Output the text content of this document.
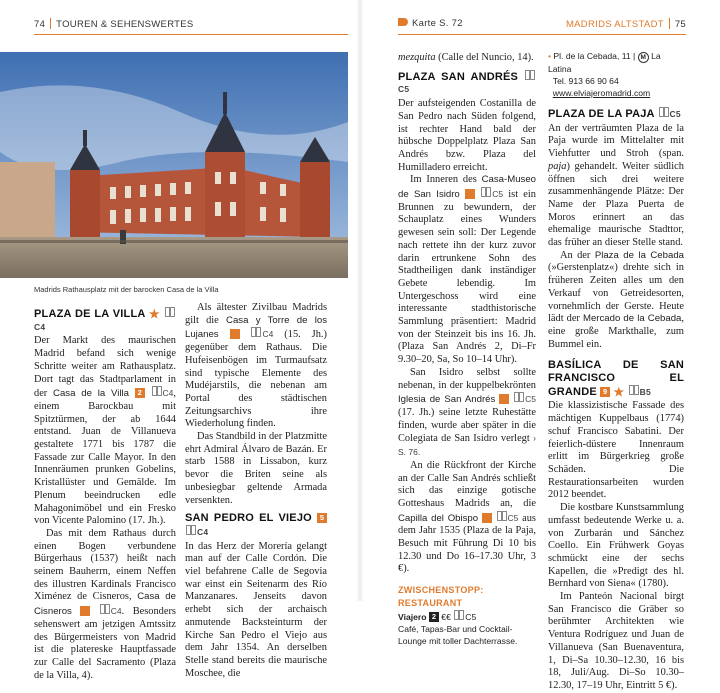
74 TOUREN & SEHENSWERTES
Madrids Rathausplatz mit der barocken Casa de la Villa
PLAZA DE LA VILLA ★ C4

Der Markt des maurischen Madrid befand sich wenige Schritte weiter am Rathausplatz. Dort tagt das Stadtparlament in der Casa de la Villa 2 C4, einem Barockbau mit Spitztürmen, der ab 1644 entstand. Juan de Villanueva gestaltete 1771 bis 1787 die Fassade zur Calle Mayor. In den Innenräumen prunken Gobelins, Kristallüster und Gemälde. Im Plenum beeindrucken edle Mahagonimöbel und ein Fresko von Vicente Palomino (17. Jh.).

Das mit dem Rathaus durch einen Bogen verbundene Bürgerhaus (1537) heißt nach seinem Bauherrn, einem Neffen des illustren Kardinals Francisco Ximénez de Cisneros, Casa de Cisneros	3 C4. Besonders sehenswert am jetzigen Amtssitz des Bürgermeisters von Madrid ist die platereske Hauptfassade zur Calle del Sacramento (Plaza de la Villa, 4).

Als ältester Zivilbau Madrids gilt die Casa y Torre de los Lujanes	4 C4 (15. Jh.) gegenüber dem Rathaus. Die Hufeisenbögen im Turmaufsatz sind typische Elemente des Mudéjarstils, die nebenan am Portal des städtischen Zeitungsarchivs ihre Wiederholung finden.

Das Standbild in der Platzmitte ehrt Admiral Álvaro de Bazán. Er starb 1588 in Lissabon, kurz bevor die Briten seine als unbesiegbar geltende Armada versenkten.

SAN PEDRO EL VIEJO 5 C4

In das Herz der Morería gelangt man auf der Calle Cordón. Die viel befahrene Calle de Segovia war einst ein Seitenarm des Río Manzanares. Jenseits davon erhebt sich der archaisch anmutende Backsteinturm der Kirche San Pedro el Viejo aus dem Jahr 1354. An derselben Stelle stand bereits die maurische Moschee, die

Karte S. 72	MADRIDS ALTSTADT 75

mezquita (Calle del Nuncio, 14).

PLAZA SAN ANDRÉS C5

Der aufsteigenden Costanilla de San Pedro nach Süden folgend, ist rechter Hand bald der hübsche Doppelplatz Plaza San Andrés bzw. Plaza del Humilladero erreicht.

Im Inneren des Casa-Museo de San Isidro 6 C5 ist ein Brunnen zu bewundern, der Schauplatz eines Wunders gewesen sein soll: Der Legende nach rettete ihn der kurz zuvor darin ertrunkene Sohn des Stadtheiligen dank inständiger Gebete lebendig. Im Untergeschoss wird eine interessante stadthistorische Sammlung präsentiert: Madrid von der Steinzeit bis ins 16. Jh. (Plaza San Andrés 2, Di–Fr 9.30–20, Sa, So 10–14 Uhr).

San Isidro selbst sollte nebenan, in der kuppelbekrönten Iglesia de San Andrés 7 C5 (17. Jh.) seine letzte Ruhestätte finden, wurde aber später in die Colegiata de San Isidro verlegt › S. 76.

An die Rückfront der Kirche an der Calle San Andrés schließt sich das einzige gotische Gotteshaus Madrids an, die Capilla del Obispo 8 C5 aus dem Jahr 1535 (Plaza de la Paja, Besuch mit Führung Di 10 bis 12.30 und Do 16–17.30 Uhr, 3 €).

ZWISCHENSTOPP: RESTAURANT
Viajero 2 €€ C5
Café, Tapas-Bar und Cocktail-Lounge mit toller Dachterrasse.
• Pl. de la Cebada, 11 | M La Latina
Tel. 913 66 90 64
www.elviajeromadrid.com
PLAZA DE LA PAJA C5

An der verträumten Plaza de la Paja wurde im Mittelalter mit Viehfutter und Stroh (span. paja) gehandelt. Weiter südlich öffnen sich drei weitere zusammenhängende Plätze: Der Name der Plaza Puerta de Moros erinnert an das ehemalige maurische Stadttor, das früher an dieser Stelle stand.

An der Plaza de la Cebada (»Gerstenplatz«) drehte sich in früheren Zeiten alles um den Verkauf von Getreidesorten, vornehmlich der Gerste. Heute lädt der Mercado de la Cebada, eine große Markthalle, zum Bummel ein.

BASÍLICA DE SAN FRANCISCO EL GRANDE 9 ★ B5

Die klassizistische Fassade des mächtigen Kuppelbaus (1774) schuf Francisco Sabatini. Der feierlich-düstere Innenraum erlitt im Bürgerkrieg große Schäden. Die Restaurationsarbeiten wurden 2012 beendet.

Die kostbare Kunstsammlung umfasst bedeutende Werke u. a. von Zurbarán und Sánchez Coello. Ein Frühwerk Goyas schmückt eine der sechs Kapellen, die »Predigt des hl. Bernhard von Siena« (1780).

Im Panteón Nacional birgt San Francisco die Gräber so berühmter Architekten wie Ventura Rodríguez und Juan de Villanueva (San Buenaventura, 1, Di–Sa 10.30–12.30, 16 bis 18, Juli/Aug. Di–So 10.30–12.30, 17–19 Uhr, Eintritt 5 €).
